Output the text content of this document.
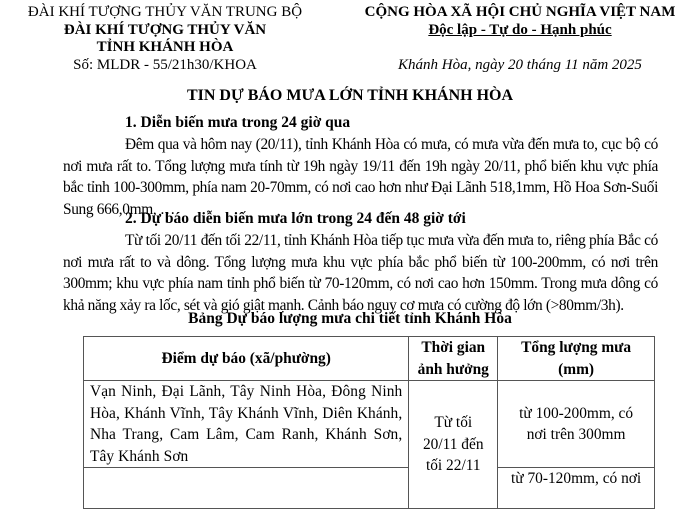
ĐÀI KHÍ TƯỢNG THỦY VĂN TRUNG BỘ
ĐÀI KHÍ TƯỢNG THỦY VĂN
TỈNH KHÁNH HÒA
Số: MLDR - 55/21h30/KHOA
CỘNG HÒA XÃ HỘI CHỦ NGHĨA VIỆT NAM
Độc lập - Tự do - Hạnh phúc
Khánh Hòa, ngày 20 tháng 11 năm 2025
TIN DỰ BÁO MƯA LỚN TỈNH KHÁNH HÒA
1. Diễn biến mưa trong 24 giờ qua
Đêm qua và hôm nay (20/11), tỉnh Khánh Hòa có mưa, có mưa vừa đến mưa to, cục bộ có nơi mưa rất to. Tổng lượng mưa tính từ 19h ngày 19/11 đến 19h ngày 20/11, phổ biến khu vực phía bắc tỉnh 100-300mm, phía nam 20-70mm, có nơi cao hơn như Đại Lãnh 518,1mm, Hồ Hoa Sơn-Suối Sung 666,0mm, …
2. Dự báo diễn biến mưa lớn trong 24 đến 48 giờ tới
Từ tối 20/11 đến tối 22/11, tỉnh Khánh Hòa tiếp tục mưa vừa đến mưa to, riêng phía Bắc có nơi mưa rất to và dông. Tổng lượng mưa khu vực phía bắc phổ biến từ 100-200mm, có nơi trên 300mm; khu vực phía nam tỉnh phổ biến từ 70-120mm, có nơi cao hơn 150mm. Trong mưa dông có khả năng xảy ra lốc, sét và gió giật mạnh. Cảnh báo nguy cơ mưa có cường độ lớn (>80mm/3h).
Bảng Dự báo lượng mưa chi tiết tỉnh Khánh Hòa
Điểm dự báo (xã/phường)	Thời gian ảnh hưởng	Tổng lượng mưa (mm)
Vạn Ninh, Đại Lãnh, Tây Ninh Hòa, Đông Ninh Hòa, Khánh Vĩnh, Tây Khánh Vĩnh, Diên Khánh, Nha Trang, Cam Lâm, Cam Ranh, Khánh Sơn, Tây Khánh Sơn	Từ tối 20/11 đến tối 22/11	từ 100-200mm, có nơi trên 300mm
		từ 70-120mm, có nơi
